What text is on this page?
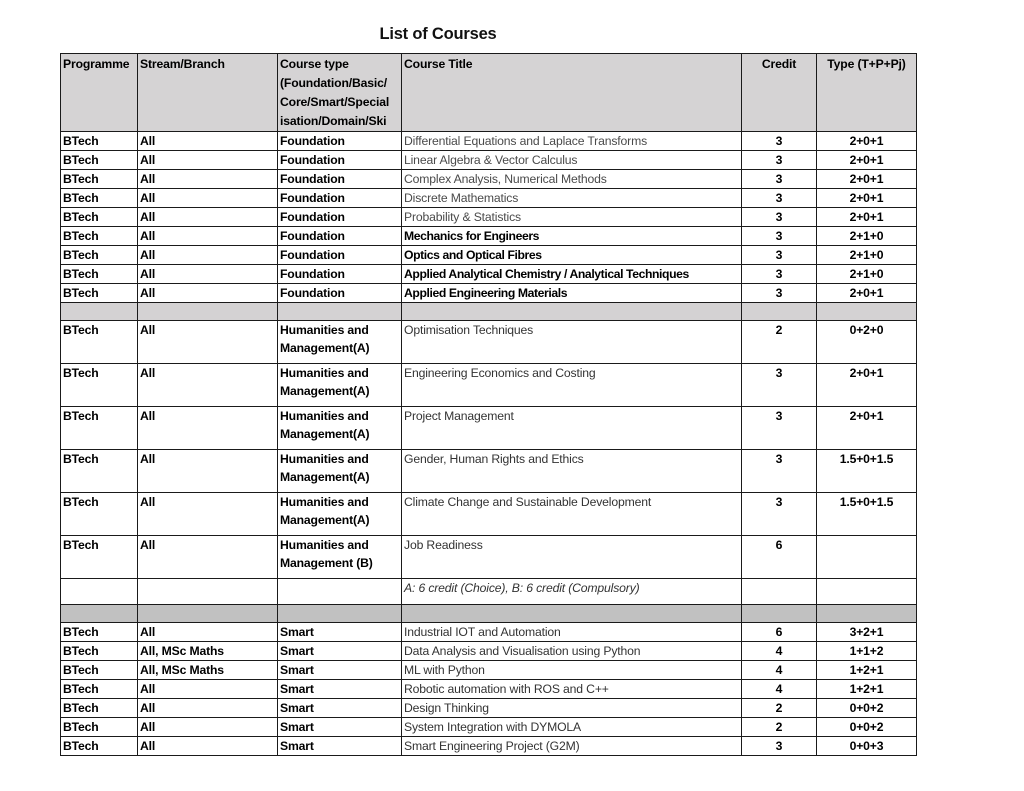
List of Courses
Programme	Stream/Branch	Course type
(Foundation/Basic/
Core/Smart/Special
isation/Domain/Ski	Course Title	Credit	Type (T+P+Pj)
BTech	All	Foundation	Differential Equations and Laplace Transforms	3	2+0+1
BTech	All	Foundation	Linear Algebra & Vector Calculus	3	2+0+1
BTech	All	Foundation	Complex Analysis, Numerical Methods	3	2+0+1
BTech	All	Foundation	Discrete Mathematics	3	2+0+1
BTech	All	Foundation	Probability & Statistics	3	2+0+1
BTech	All	Foundation	Mechanics for Engineers	3	2+1+0
BTech	All	Foundation	Optics and Optical Fibres	3	2+1+0
BTech	All	Foundation	Applied Analytical Chemistry / Analytical Techniques	3	2+1+0
BTech	All	Foundation	Applied Engineering Materials	3	2+0+1

BTech	All	Humanities and
Management(A)	Optimisation Techniques	2	0+2+0
BTech	All	Humanities and
Management(A)	Engineering Economics and Costing	3	2+0+1
BTech	All	Humanities and
Management(A)	Project Management	3	2+0+1
BTech	All	Humanities and
Management(A)	Gender, Human Rights and Ethics	3	1.5+0+1.5
BTech	All	Humanities and
Management(A)	Climate Change and Sustainable Development	3	1.5+0+1.5
BTech	All	Humanities and
Management (B)	Job Readiness	6	
			A: 6 credit (Choice), B: 6 credit (Compulsory)		

BTech	All	Smart	Industrial IOT and Automation	6	3+2+1
BTech	All, MSc Maths	Smart	Data Analysis and Visualisation using Python	4	1+1+2
BTech	All, MSc Maths	Smart	ML with Python	4	1+2+1
BTech	All	Smart	Robotic automation with ROS and C++	4	1+2+1
BTech	All	Smart	Design Thinking	2	0+0+2
BTech	All	Smart	System Integration with DYMOLA	2	0+0+2
BTech	All	Smart	Smart Engineering Project (G2M)	3	0+0+3
